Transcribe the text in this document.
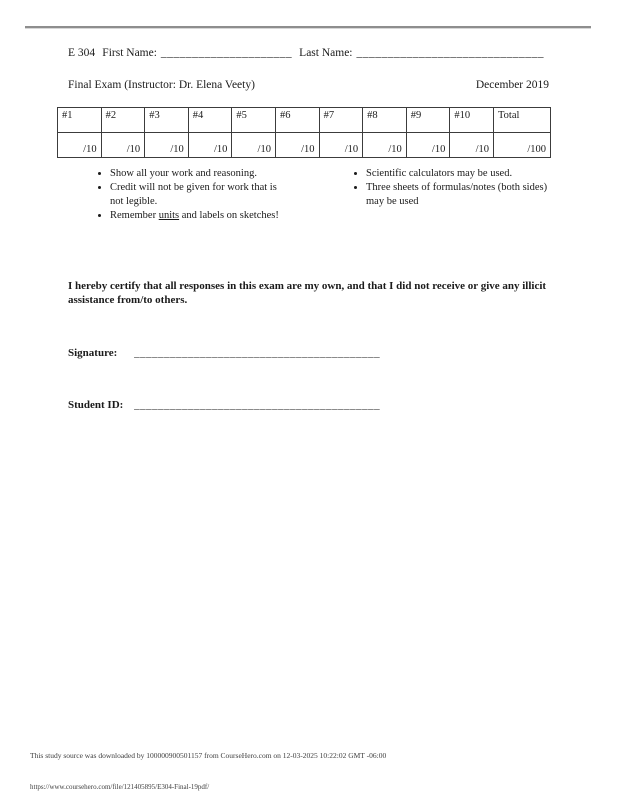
E 304 First Name: _____________________ Last Name: ______________________________
Final Exam (Instructor: Dr. Elena Veety)	December 2019
#1	#2	#3	#4	#5	#6	#7	#8	#9	#10	Total
/10	/10	/10	/10	/10	/10	/10	/10	/10	/10	/100
• Show all your work and reasoning.
• Credit will not be given for work that is not legible.
• Remember units and labels on sketches!
• Scientific calculators may be used.
• Three sheets of formulas/notes (both sides) may be used
I hereby certify that all responses in this exam are my own, and that I did not receive or give any illicit assistance from/to others.
Signature: _________________________________________
Student ID: _________________________________________
This study source was downloaded by 100000900501157 from CourseHero.com on 12-03-2025 10:22:02 GMT -06:00
https://www.coursehero.com/file/121405895/E304-Final-19pdf/
